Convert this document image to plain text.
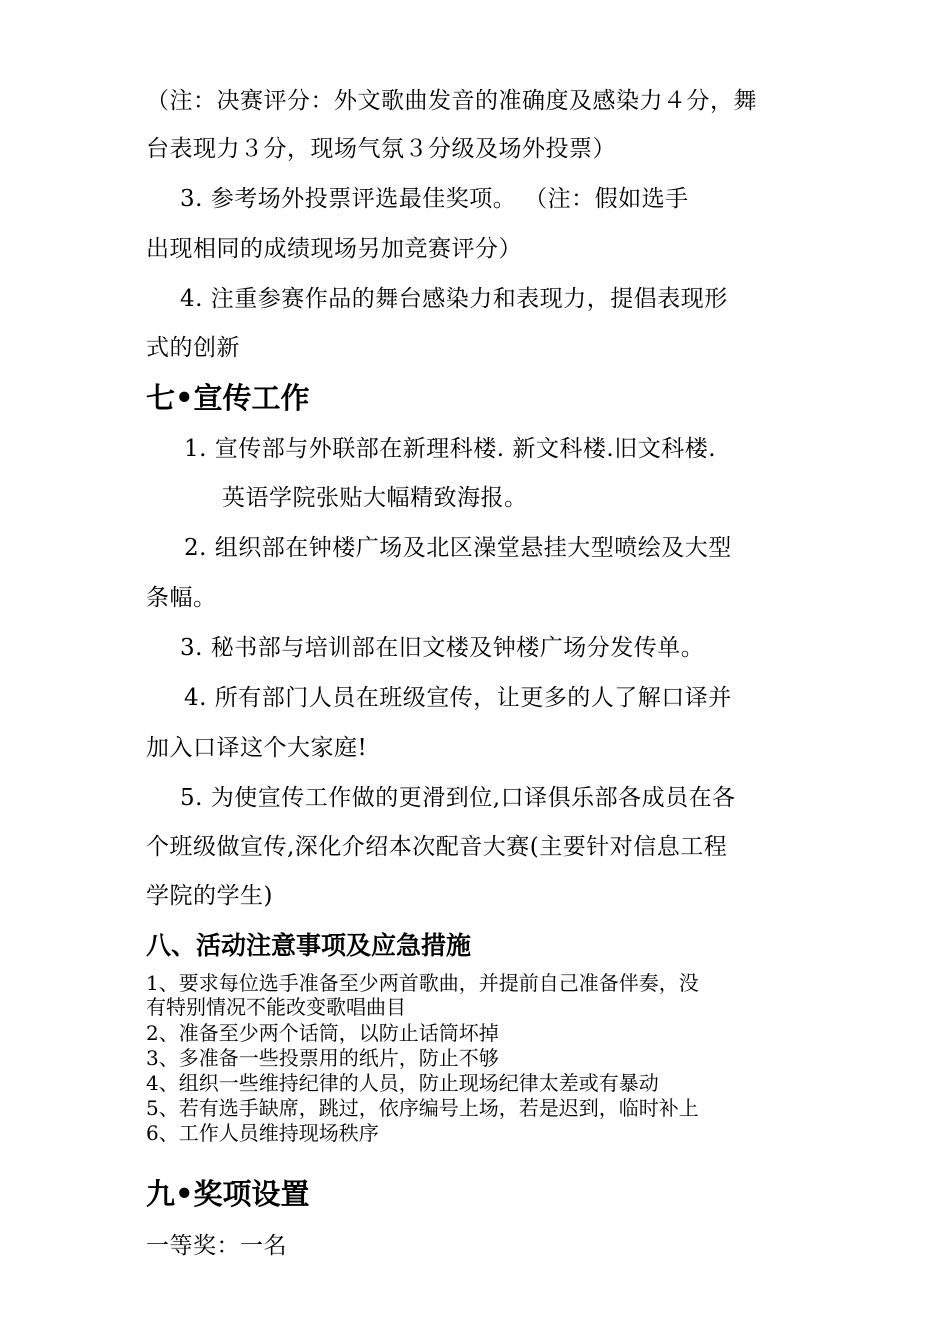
（注：决赛评分：外文歌曲发音的准确度及感染力４分，舞
台表现力３分，现场气氛３分级及场外投票）
3. 参考场外投票评选最佳奖项。 （注：假如选手
出现相同的成绩现场另加竞赛评分）
4. 注重参赛作品的舞台感染力和表现力，提倡表现形
式的创新
七•宣传工作
1. 宣传部与外联部在新理科楼. 新文科楼.旧文科楼.
英语学院张贴大幅精致海报。
2. 组织部在钟楼广场及北区澡堂悬挂大型喷绘及大型
条幅。
3. 秘书部与培训部在旧文楼及钟楼广场分发传单。
4. 所有部门人员在班级宣传，让更多的人了解口译并
加入口译这个大家庭!
5. 为使宣传工作做的更滑到位,口译俱乐部各成员在各
个班级做宣传,深化介绍本次配音大赛(主要针对信息工程
学院的学生)
八、活动注意事项及应急措施
1、要求每位选手准备至少两首歌曲，并提前自己准备伴奏，没
有特别情况不能改变歌唱曲目
2、准备至少两个话筒，以防止话筒坏掉
3、多准备一些投票用的纸片，防止不够
4、组织一些维持纪律的人员，防止现场纪律太差或有暴动
5、若有选手缺席，跳过，依序编号上场，若是迟到，临时补上
6、工作人员维持现场秩序
九•奖项设置
一等奖：一名
